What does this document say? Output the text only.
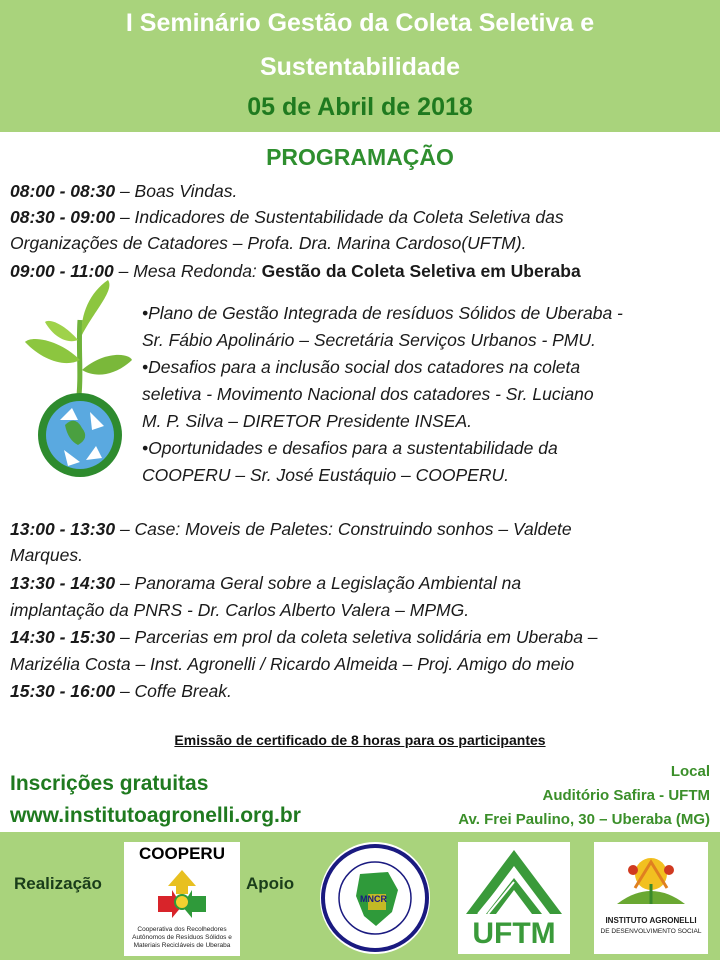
I Seminário Gestão da Coleta Seletiva e
Sustentabilidade
05 de Abril de 2018
PROGRAMAÇÃO
08:00 - 08:30 – Boas Vindas.
08:30 - 09:00 – Indicadores de Sustentabilidade da Coleta Seletiva das
Organizações de Catadores – Profa. Dra. Marina Cardoso(UFTM).
09:00 - 11:00 – Mesa Redonda: Gestão da Coleta Seletiva em Uberaba
•Plano de Gestão Integrada de resíduos Sólidos de Uberaba -
Sr. Fábio Apolinário – Secretária Serviços Urbanos - PMU.
•Desafios para a inclusão social dos catadores na coleta
seletiva - Movimento Nacional dos catadores - Sr. Luciano
M. P. Silva – DIRETOR Presidente INSEA.
•Oportunidades e desafios para a sustentabilidade da
COOPERU – Sr. José Eustáquio – COOPERU.
13:00 - 13:30 – Case: Moveis de Paletes: Construindo sonhos – Valdete
Marques.
13:30 - 14:30 – Panorama Geral sobre a Legislação Ambiental na
implantação da PNRS - Dr. Carlos Alberto Valera – MPMG.
14:30 - 15:30 – Parcerias em prol da coleta seletiva solidária em Uberaba –
Marizélia Costa – Inst. Agronelli / Ricardo Almeida – Proj. Amigo do meio
15:30 - 16:00 – Coffe Break.
Emissão de certificado de 8 horas para os participantes
Inscrições gratuitas
www.institutoagronelli.org.br
Local
Auditório Safira - UFTM
Av. Frei Paulino, 30 – Uberaba (MG)
Realização
COOPERU
Cooperativa dos Recolhedores
Autônomos de Resíduos Sólidos e
Materiais Recicláveis de Uberaba
Apoio
MNCR
UFTM	INSTITUTO AGRONELLI
DE DESENVOLVIMENTO SOCIAL
